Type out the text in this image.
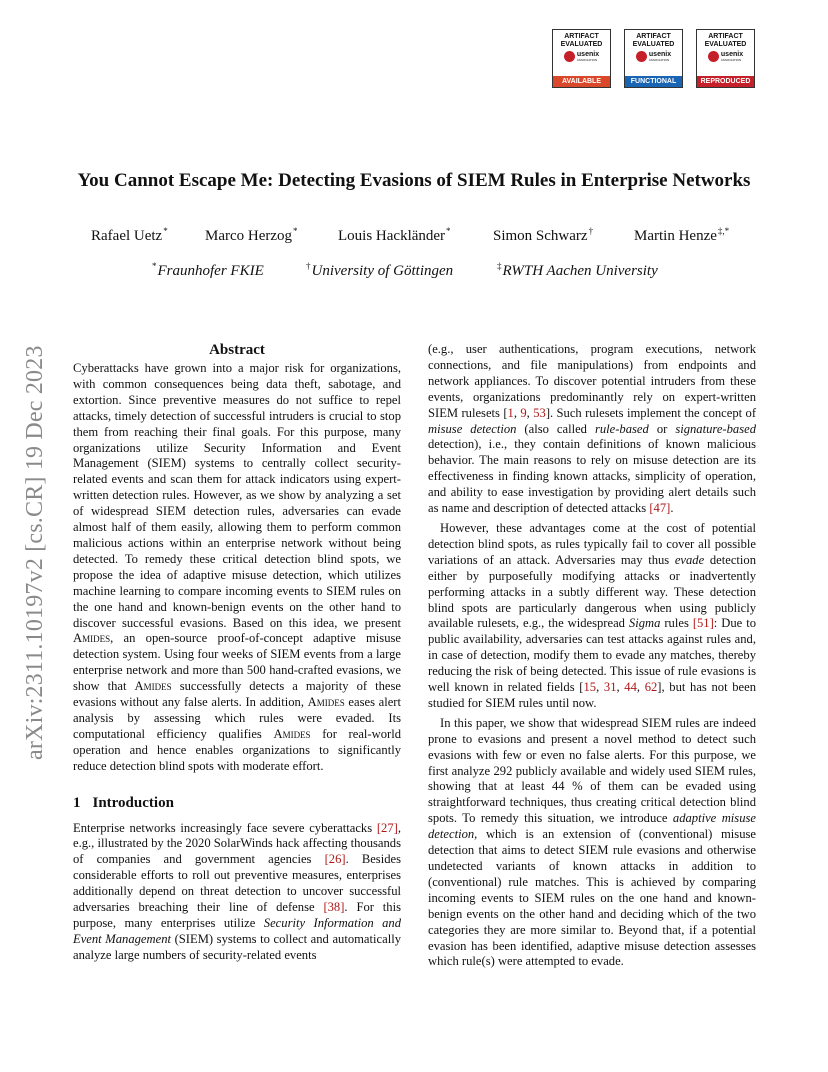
ARTIFACT
EVALUATED
usenix
ASSOCIATION
AVAILABLE
ARTIFACT
EVALUATED
usenix
ASSOCIATION
FUNCTIONAL
ARTIFACT
EVALUATED
usenix
ASSOCIATION
REPRODUCED
arXiv:2311.10197v2 [cs.CR] 19 Dec 2023
You Cannot Escape Me: Detecting Evasions of SIEM Rules in Enterprise Networks
Rafael Uetz* Marco Herzog*	Louis Hackländer*	Simon Schwarz†	Martin Henze‡,*
*Fraunhofer FKIE	†University of Göttingen	‡RWTH Aachen University
Abstract

Cyberattacks have grown into a major risk for organizations, with common consequences being data theft, sabotage, and extortion. Since preventive measures do not suffice to repel attacks, timely detection of successful intruders is crucial to stop them from reaching their final goals. For this purpose, many organizations utilize Security Information and Event Management (SIEM) systems to centrally collect security-related events and scan them for attack indicators using expert-written detection rules. However, as we show by analyzing a set of widespread SIEM detection rules, adversaries can evade almost half of them easily, allowing them to perform common malicious actions within an enterprise network without being detected. To remedy these critical detection blind spots, we propose the idea of adaptive misuse detection, which utilizes machine learning to compare incoming events to SIEM rules on the one hand and known-benign events on the other hand to discover successful evasions. Based on this idea, we present Amides, an open-source proof-of-concept adaptive misuse detection system. Using four weeks of SIEM events from a large enterprise network and more than 500 hand-crafted evasions, we show that Amides successfully detects a majority of these evasions without any false alerts. In addition, Amides eases alert analysis by assessing which rules were evaded. Its computational efficiency qualifies Amides for real-world operation and hence enables organizations to significantly reduce detection blind spots with moderate effort.

1 Introduction

Enterprise networks increasingly face severe cyberattacks [27], e.g., illustrated by the 2020 SolarWinds hack affecting thousands of companies and government agencies [26]. Besides considerable efforts to roll out preventive measures, enterprises additionally depend on threat detection to uncover successful adversaries breaching their line of defense [38]. For this purpose, many enterprises utilize Security Information and Event Management (SIEM) systems to collect and automatically analyze large numbers of security-related events

(e.g., user authentications, program executions, network connections, and file manipulations) from endpoints and network appliances. To discover potential intruders from these events, organizations predominantly rely on expert-written SIEM rulesets [1, 9, 53]. Such rulesets implement the concept of misuse detection (also called rule-based or signature-based detection), i.e., they contain definitions of known malicious behavior. The main reasons to rely on misuse detection are its effectiveness in finding known attacks, simplicity of operation, and ability to ease investigation by providing alert details such as name and description of detected attacks [47].

However, these advantages come at the cost of potential detection blind spots, as rules typically fail to cover all possible variations of an attack. Adversaries may thus evade detection either by purposefully modifying attacks or inadvertently performing attacks in a subtly different way. These detection blind spots are particularly dangerous when using publicly available rulesets, e.g., the widespread Sigma rules [51]: Due to public availability, adversaries can test attacks against rules and, in case of detection, modify them to evade any matches, thereby reducing the risk of being detected. This issue of rule evasions is well known in related fields [15, 31, 44, 62], but has not been studied for SIEM rules until now.

In this paper, we show that widespread SIEM rules are indeed prone to evasions and present a novel method to detect such evasions with few or even no false alerts. For this purpose, we first analyze 292 publicly available and widely used SIEM rules, showing that at least 44 % of them can be evaded using straightforward techniques, thus creating critical detection blind spots. To remedy this situation, we introduce adaptive misuse detection, which is an extension of (conventional) misuse detection that aims to detect SIEM rule evasions and otherwise undetected variants of known attacks in addition to (conventional) rule matches. This is achieved by comparing incoming events to SIEM rules on the one hand and known-benign events on the other hand and deciding which of the two categories they are more similar to. Beyond that, if a potential evasion has been identified, adaptive misuse detection assesses which rule(s) were attempted to evade.
